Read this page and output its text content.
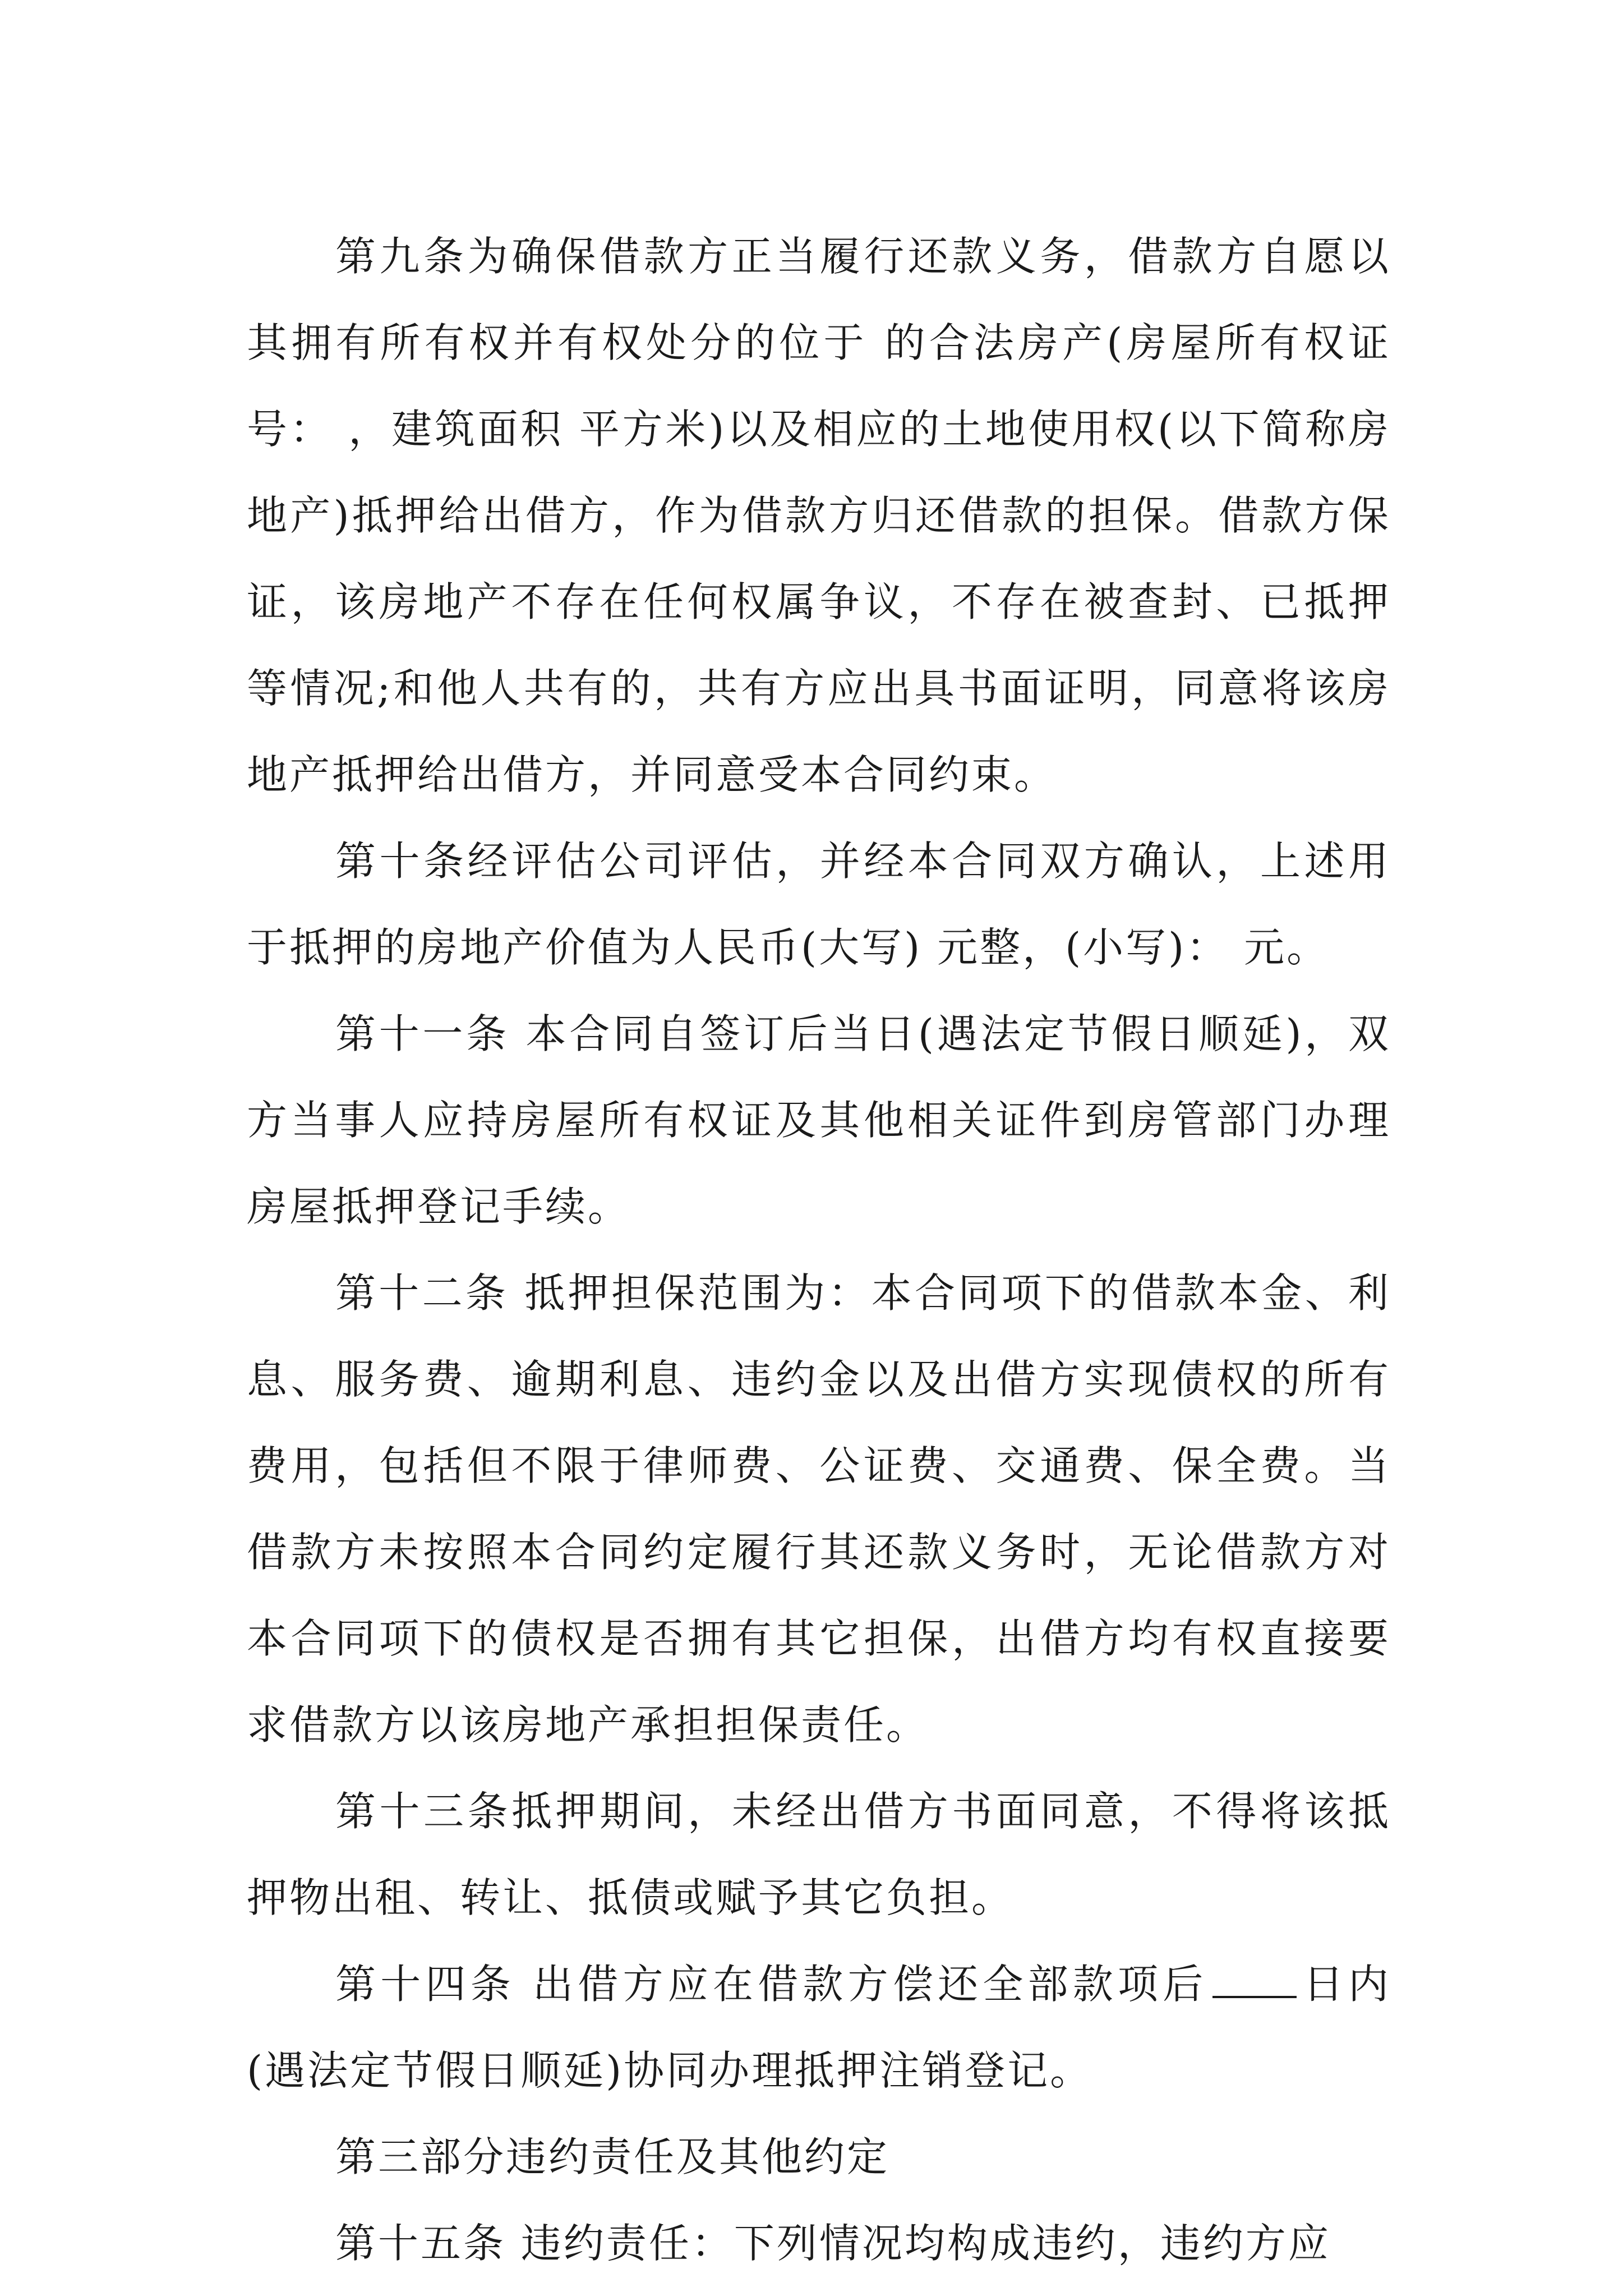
第九条为确保借款方正当履行还款义务，借款方自愿以其拥有所有权并有权处分的位于 的合法房产(房屋所有权证号： ，建筑面积 平方米)以及相应的土地使用权(以下简称房地产)抵押给出借方，作为借款方归还借款的担保。借款方保证，该房地产不存在任何权属争议，不存在被查封、已抵押等情况;和他人共有的，共有方应出具书面证明，同意将该房地产抵押给出借方，并同意受本合同约束。

第十条经评估公司评估，并经本合同双方确认，上述用于抵押的房地产价值为人民币(大写) 元整，(小写)： 元。

第十一条 本合同自签订后当日(遇法定节假日顺延)，双方当事人应持房屋所有权证及其他相关证件到房管部门办理房屋抵押登记手续。

第十二条 抵押担保范围为：本合同项下的借款本金、利息、服务费、逾期利息、违约金以及出借方实现债权的所有费用，包括但不限于律师费、公证费、交通费、保全费。当借款方未按照本合同约定履行其还款义务时，无论借款方对本合同项下的债权是否拥有其它担保，出借方均有权直接要求借款方以该房地产承担担保责任。

第十三条抵押期间，未经出借方书面同意，不得将该抵押物出租、转让、抵债或赋予其它负担。

第十四条 出借方应在借款方偿还全部款项后 日内(遇法定节假日顺延)协同办理抵押注销登记。

第三部分违约责任及其他约定

第十五条 违约责任：下列情况均构成违约，违约方应
